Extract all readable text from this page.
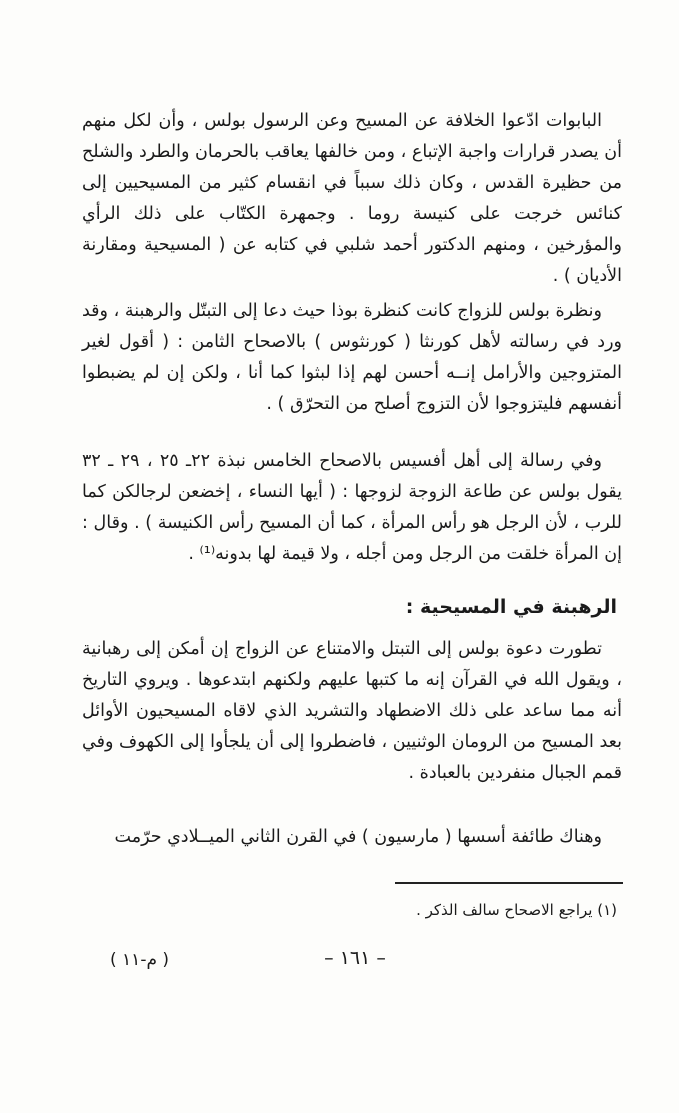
البابوات ادّعوا الخلافة عن المسيح وعن الرسول بولس ، وأن لكل منهم أن يصدر قرارات واجبة الإتباع ، ومن خالفها يعاقب بالحرمان والطرد والشلح من حظيرة القدس ، وكان ذلك سبباً في انقسام كثير من المسيحيين إلى كنائس خرجت على كنيسة روما . وجمهرة الكتّاب على ذلك الرأي والمؤرخين ، ومنهم الدكتور أحمد شلبي في كتابه عن ( المسيحية ومقارنة الأديان ) .

ونظرة بولس للزواج كانت كنظرة بوذا حيث دعا إلى التبتّل والرهبنة ، وقد ورد في رسالته لأهل كورنثا ( كورنثوس ) بالاصحاح الثامن : ( أقول لغير المتزوجين والأرامل إنــه أحسن لهم إذا لبثوا كما أنا ، ولكن إن لم يضبطوا أنفسهم فليتزوجوا لأن التزوج أصلح من التحرّق ) .

وفي رسالة إلى أهل أفسيس بالاصحاح الخامس نبذة ٢٢ـ ٢٥ ، ٢٩ ـ ٣٢ يقول بولس عن طاعة الزوجة لزوجها : ( أيها النساء ، إخضعن لرجالكن كما للرب ، لأن الرجل هو رأس المرأة ، كما أن المسيح رأس الكنيسة ) . وقال : إن المرأة خلقت من الرجل ومن أجله ، ولا قيمة لها بدونه⁽¹⁾ .

الرهبنة في المسيحية :

تطورت دعوة بولس إلى التبتل والامتناع عن الزواج إن أمكن إلى رهبانية ، ويقول الله في القرآن إنه ما كتبها عليهم ولكنهم ابتدعوها . ويروي التاريخ أنه مما ساعد على ذلك الاضطهاد والتشريد الذي لاقاه المسيحيون الأوائل بعد المسيح من الرومان الوثنيين ، فاضطروا إلى أن يلجأوا إلى الكهوف وفي قمم الجبال منفردين بالعبادة .

وهناك طائفة أسسها ( مارسيون ) في القرن الثاني الميــلادي حرّمت

(١) يراجع الاصحاح سالف الذكر .
– ١٦١ –
( م-١١ )
